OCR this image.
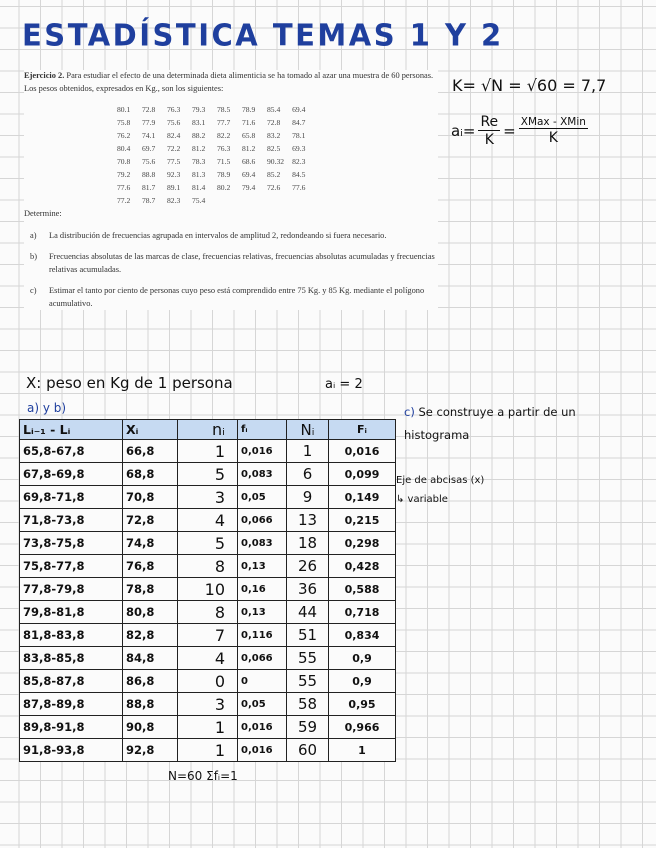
ESTADÍSTICA TEMAS 1 Y 2

Ejercicio 2. Para estudiar el efecto de una determinada dieta alimenticia se ha tomado al azar una muestra de 60 personas. Los pesos obtenidos, expresados en Kg., son los siguientes:

80.1	72.8	76.3	79.3	78.5	78.9	85.4	69.4
75.8	77.9	75.6	83.1	77.7	71.6	72.8	84.7
76.2	74.1	82.4	88.2	82.2	65.8	83.2	78.1
80.4	69.7	72.2	81.2	76.3	81.2	82.5	69.3
70.8	75.6	77.5	78.3	71.5	68.6	90.32	82.3
79.2	88.8	92.3	81.3	78.9	69.4	85.2	84.5
77.6	81.7	89.1	81.4	80.2	79.4	72.6	77.6
77.2	78.7	82.3	75.4				

Determine:

a)	La distribución de frecuencias agrupada en intervalos de amplitud 2, redondeando si fuera necesario.
b)	Frecuencias absolutas de las marcas de clase, frecuencias relativas, frecuencias absolutas acumuladas y frecuencias relativas acumuladas.
c)	Estimar el tanto por ciento de personas cuyo peso está comprendido entre 75 Kg. y 85 Kg. mediante el polígono acumulativo.
K= √N = √60 = 7,7
aᵢ= $\frac{Re}{K} = \frac{\text{XMax - XMin}}{K}$
X: peso en Kg de 1 persona	aᵢ = 2
a) y b)	c) Se construye a partir de un histograma
Eje de abcisas (x)
↳ variable
Lᵢ₋₁ - Lᵢ	Xᵢ	nᵢ	fᵢ	Nᵢ	Fᵢ
65,8-67,8	66,8	1	0,016	1	0,016
67,8-69,8	68,8	5	0,083	6	0,099
69,8-71,8	70,8	3	0,05	9	0,149
71,8-73,8	72,8	4	0,066	13	0,215
73,8-75,8	74,8	5	0,083	18	0,298
75,8-77,8	76,8	8	0,13	26	0,428
77,8-79,8	78,8	10	0,16	36	0,588
79,8-81,8	80,8	8	0,13	44	0,718
81,8-83,8	82,8	7	0,116	51	0,834
83,8-85,8	84,8	4	0,066	55	0,9
85,8-87,8	86,8	0	0	55	0,9
87,8-89,8	88,8	3	0,05	58	0,95
89,8-91,8	90,8	1	0,016	59	0,966
91,8-93,8	92,8	1	0,016	60	1
N=60 Σfᵢ=1
